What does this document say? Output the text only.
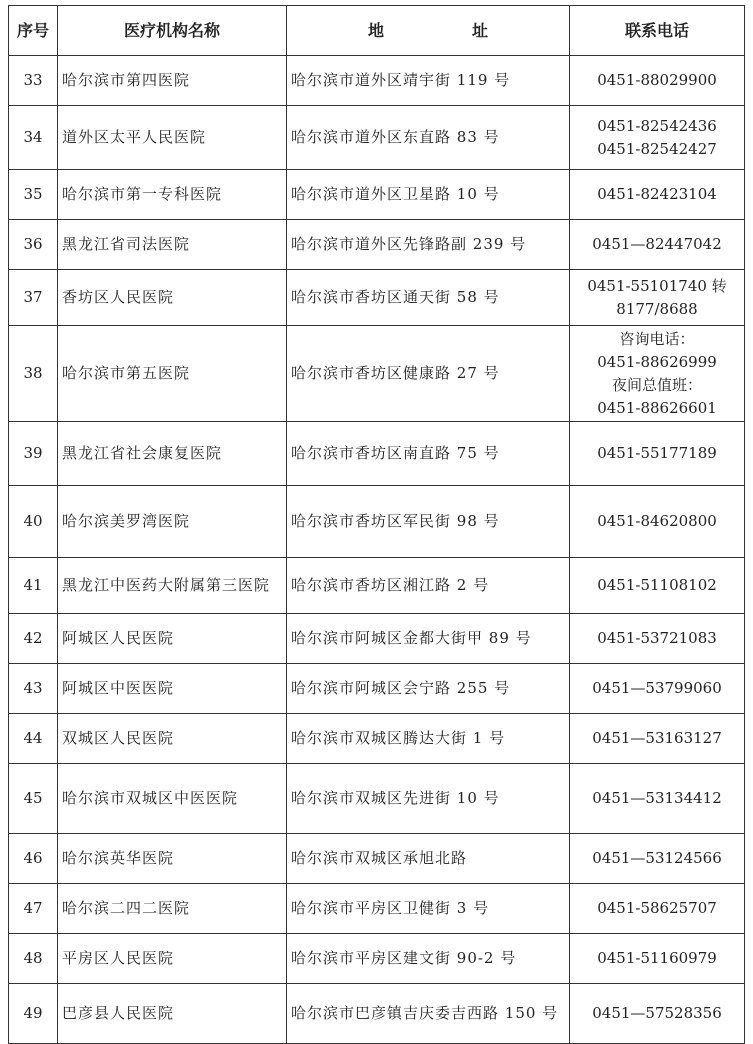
序号	医疗机构名称	地 址	联系电话
33	哈尔滨市第四医院	哈尔滨市道外区靖宇街 119 号	0451-88029900

34	道外区太平人民医院	哈尔滨市道外区东直路 83 号	0451-82542436
0451-82542427

35	哈尔滨市第一专科医院	哈尔滨市道外区卫星路 10 号	0451-82423104

36	黑龙江省司法医院	哈尔滨市道外区先锋路副 239 号	0451—82447042

37	香坊区人民医院	哈尔滨市香坊区通天街 58 号	0451-55101740 转
8177/8688

38	哈尔滨市第五医院	哈尔滨市香坊区健康路 27 号	咨询电话：
0451-88626999
夜间总值班：
0451-88626601

39	黑龙江省社会康复医院	哈尔滨市香坊区南直路 75 号	0451-55177189

40	哈尔滨美罗湾医院	哈尔滨市香坊区军民街 98 号	0451-84620800

41	黑龙江中医药大附属第三医院	哈尔滨市香坊区湘江路 2 号	0451-51108102

42	阿城区人民医院	哈尔滨市阿城区金都大街甲 89 号	0451-53721083

43	阿城区中医医院	哈尔滨市阿城区会宁路 255 号	0451—53799060

44	双城区人民医院	哈尔滨市双城区腾达大街 1 号	0451—53163127

45	哈尔滨市双城区中医医院	哈尔滨市双城区先进街 10 号	0451—53134412

46	哈尔滨英华医院	哈尔滨市双城区承旭北路	0451—53124566

47	哈尔滨二四二医院	哈尔滨市平房区卫健街 3 号	0451-58625707

48	平房区人民医院	哈尔滨市平房区建文街 90-2 号	0451-51160979

49	巴彦县人民医院	哈尔滨市巴彦镇吉庆委吉西路 150 号	0451—57528356
